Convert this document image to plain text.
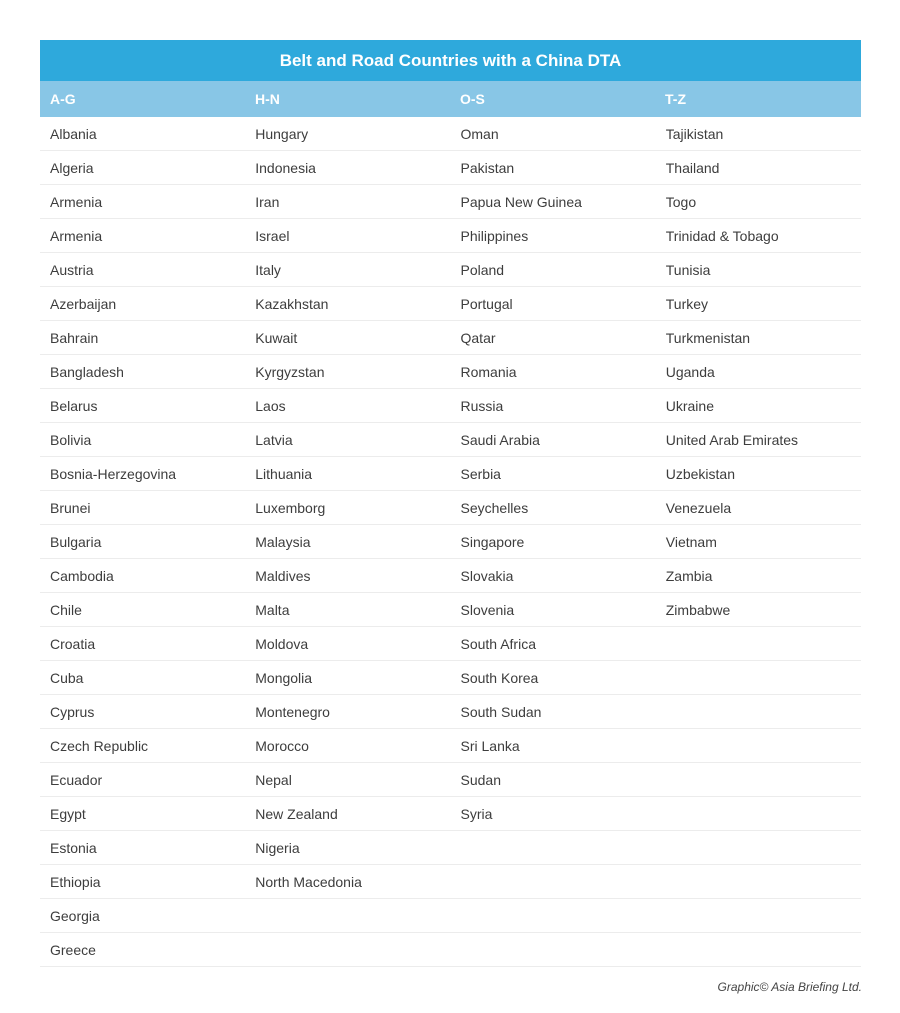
Belt and Road Countries with a China DTA
A-G	H-N	O-S	T-Z
Albania	Hungary	Oman	Tajikistan
Algeria	Indonesia	Pakistan	Thailand
Armenia	Iran	Papua New Guinea	Togo
Armenia	Israel	Philippines	Trinidad & Tobago
Austria	Italy	Poland	Tunisia
Azerbaijan	Kazakhstan	Portugal	Turkey
Bahrain	Kuwait	Qatar	Turkmenistan
Bangladesh	Kyrgyzstan	Romania	Uganda
Belarus	Laos	Russia	Ukraine
Bolivia	Latvia	Saudi Arabia	United Arab Emirates
Bosnia-Herzegovina	Lithuania	Serbia	Uzbekistan
Brunei	Luxemborg	Seychelles	Venezuela
Bulgaria	Malaysia	Singapore	Vietnam
Cambodia	Maldives	Slovakia	Zambia
Chile	Malta	Slovenia	Zimbabwe
Croatia	Moldova	South Africa	
Cuba	Mongolia	South Korea	
Cyprus	Montenegro	South Sudan	
Czech Republic	Morocco	Sri Lanka	
Ecuador	Nepal	Sudan	
Egypt	New Zealand	Syria	
Estonia	Nigeria		
Ethiopia	North Macedonia		
Georgia			
Greece			
Graphic© Asia Briefing Ltd.
